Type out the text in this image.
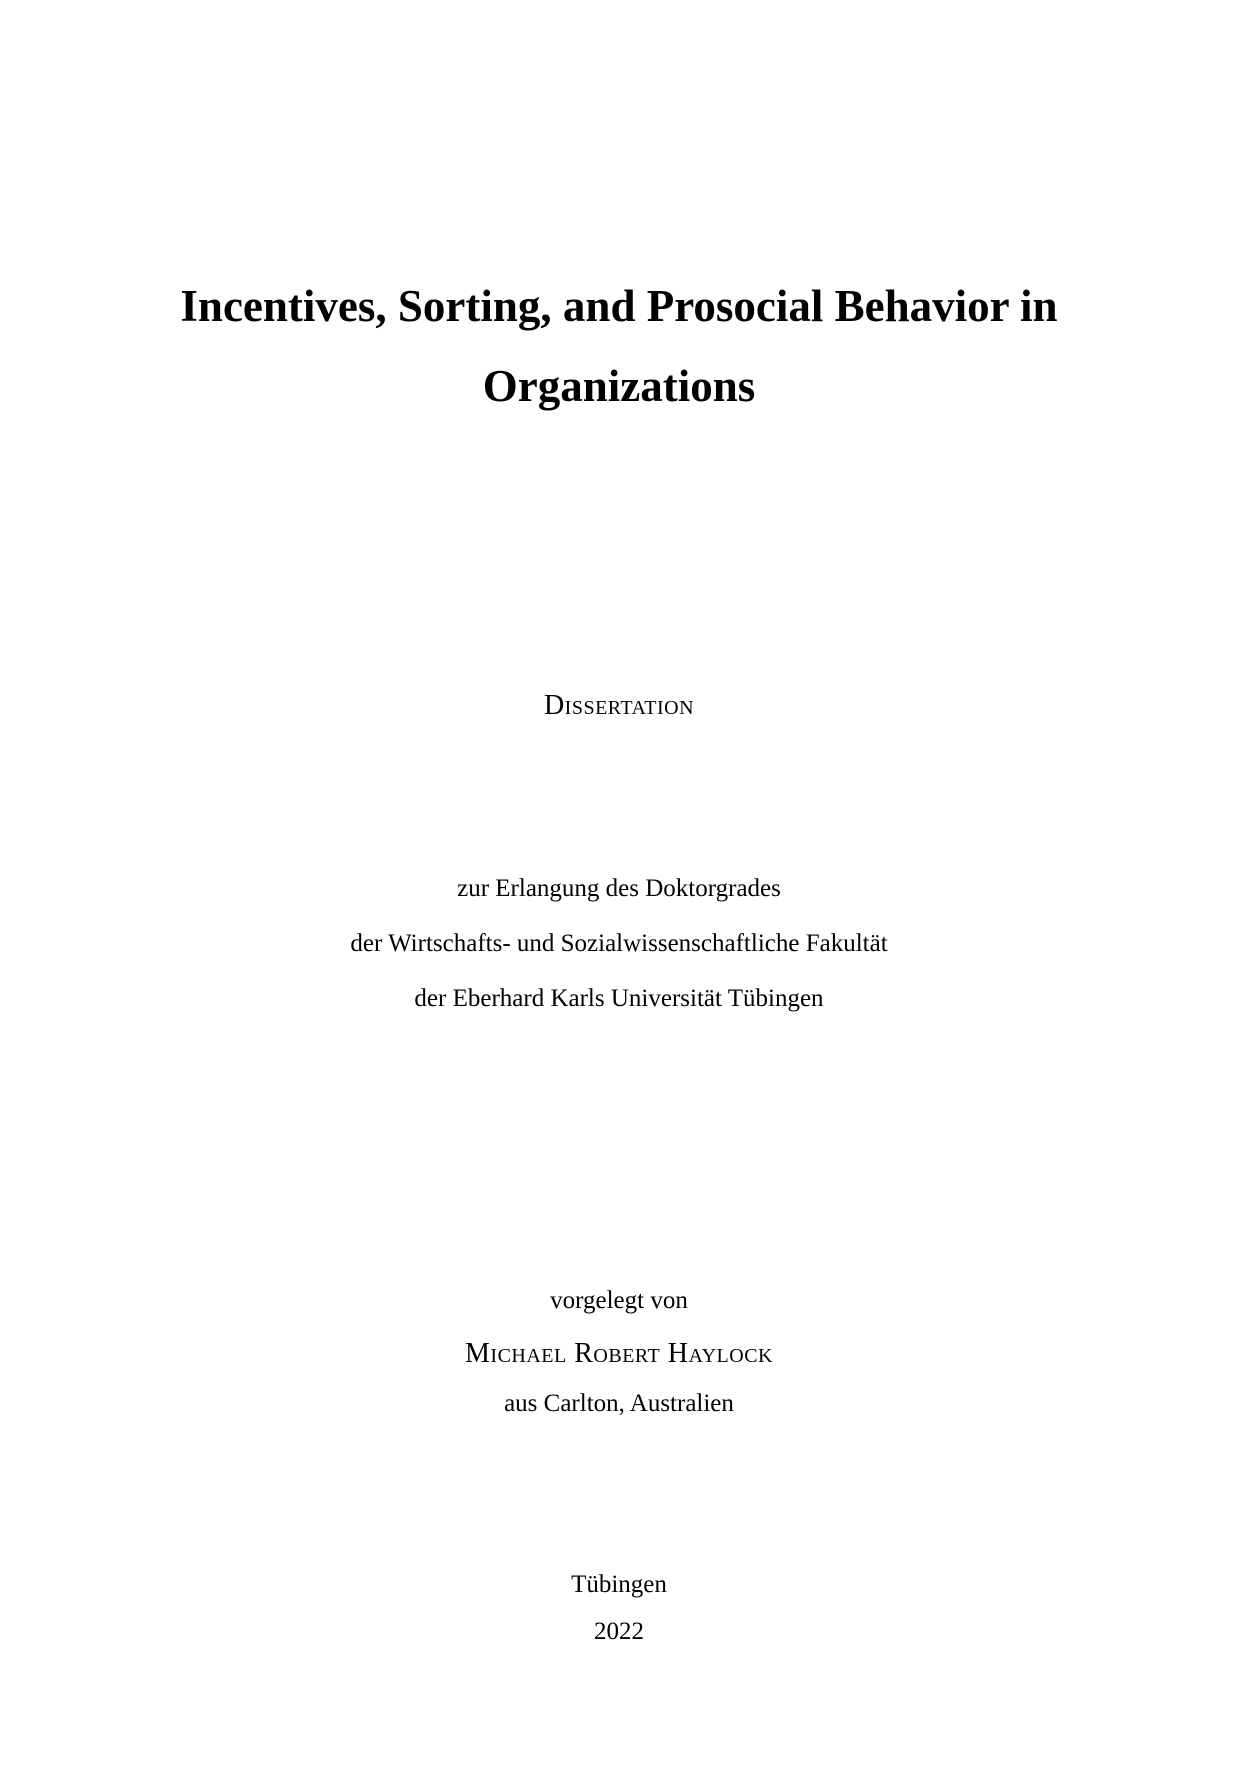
Incentives, Sorting, and Prosocial Behavior in
Organizations
Dissertation
zur Erlangung des Doktorgrades
der Wirtschafts- und Sozialwissenschaftliche Fakultät
der Eberhard Karls Universität Tübingen
vorgelegt von
Michael Robert Haylock
aus Carlton, Australien
Tübingen
2022
